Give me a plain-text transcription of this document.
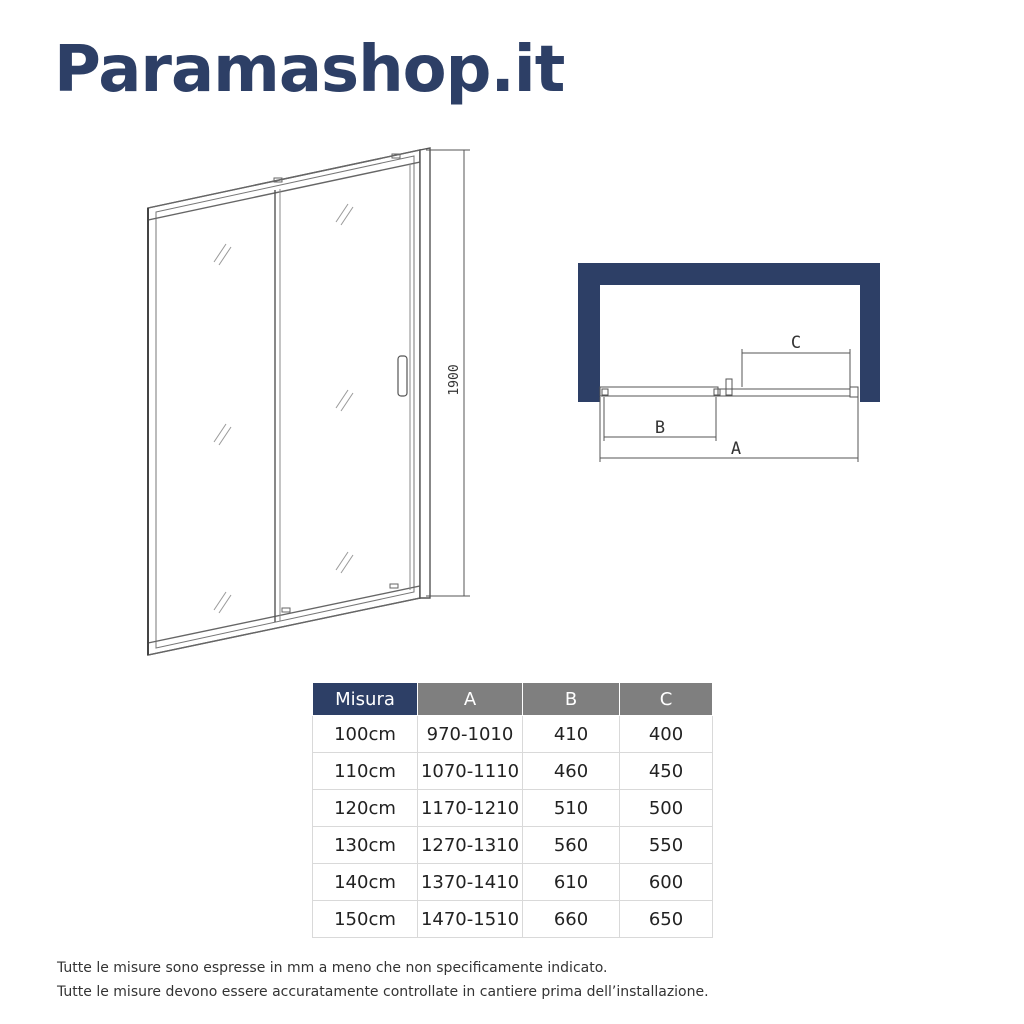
Paramashop.it
1900
C
B
A
Misura	A	B	C
100cm	970-1010	410	400
110cm	1070-1110	460	450
120cm	1170-1210	510	500
130cm	1270-1310	560	550
140cm	1370-1410	610	600
150cm	1470-1510	660	650
Tutte le misure sono espresse in mm a meno che non specificamente indicato.
Tutte le misure devono essere accuratamente controllate in cantiere prima dell’installazione.
